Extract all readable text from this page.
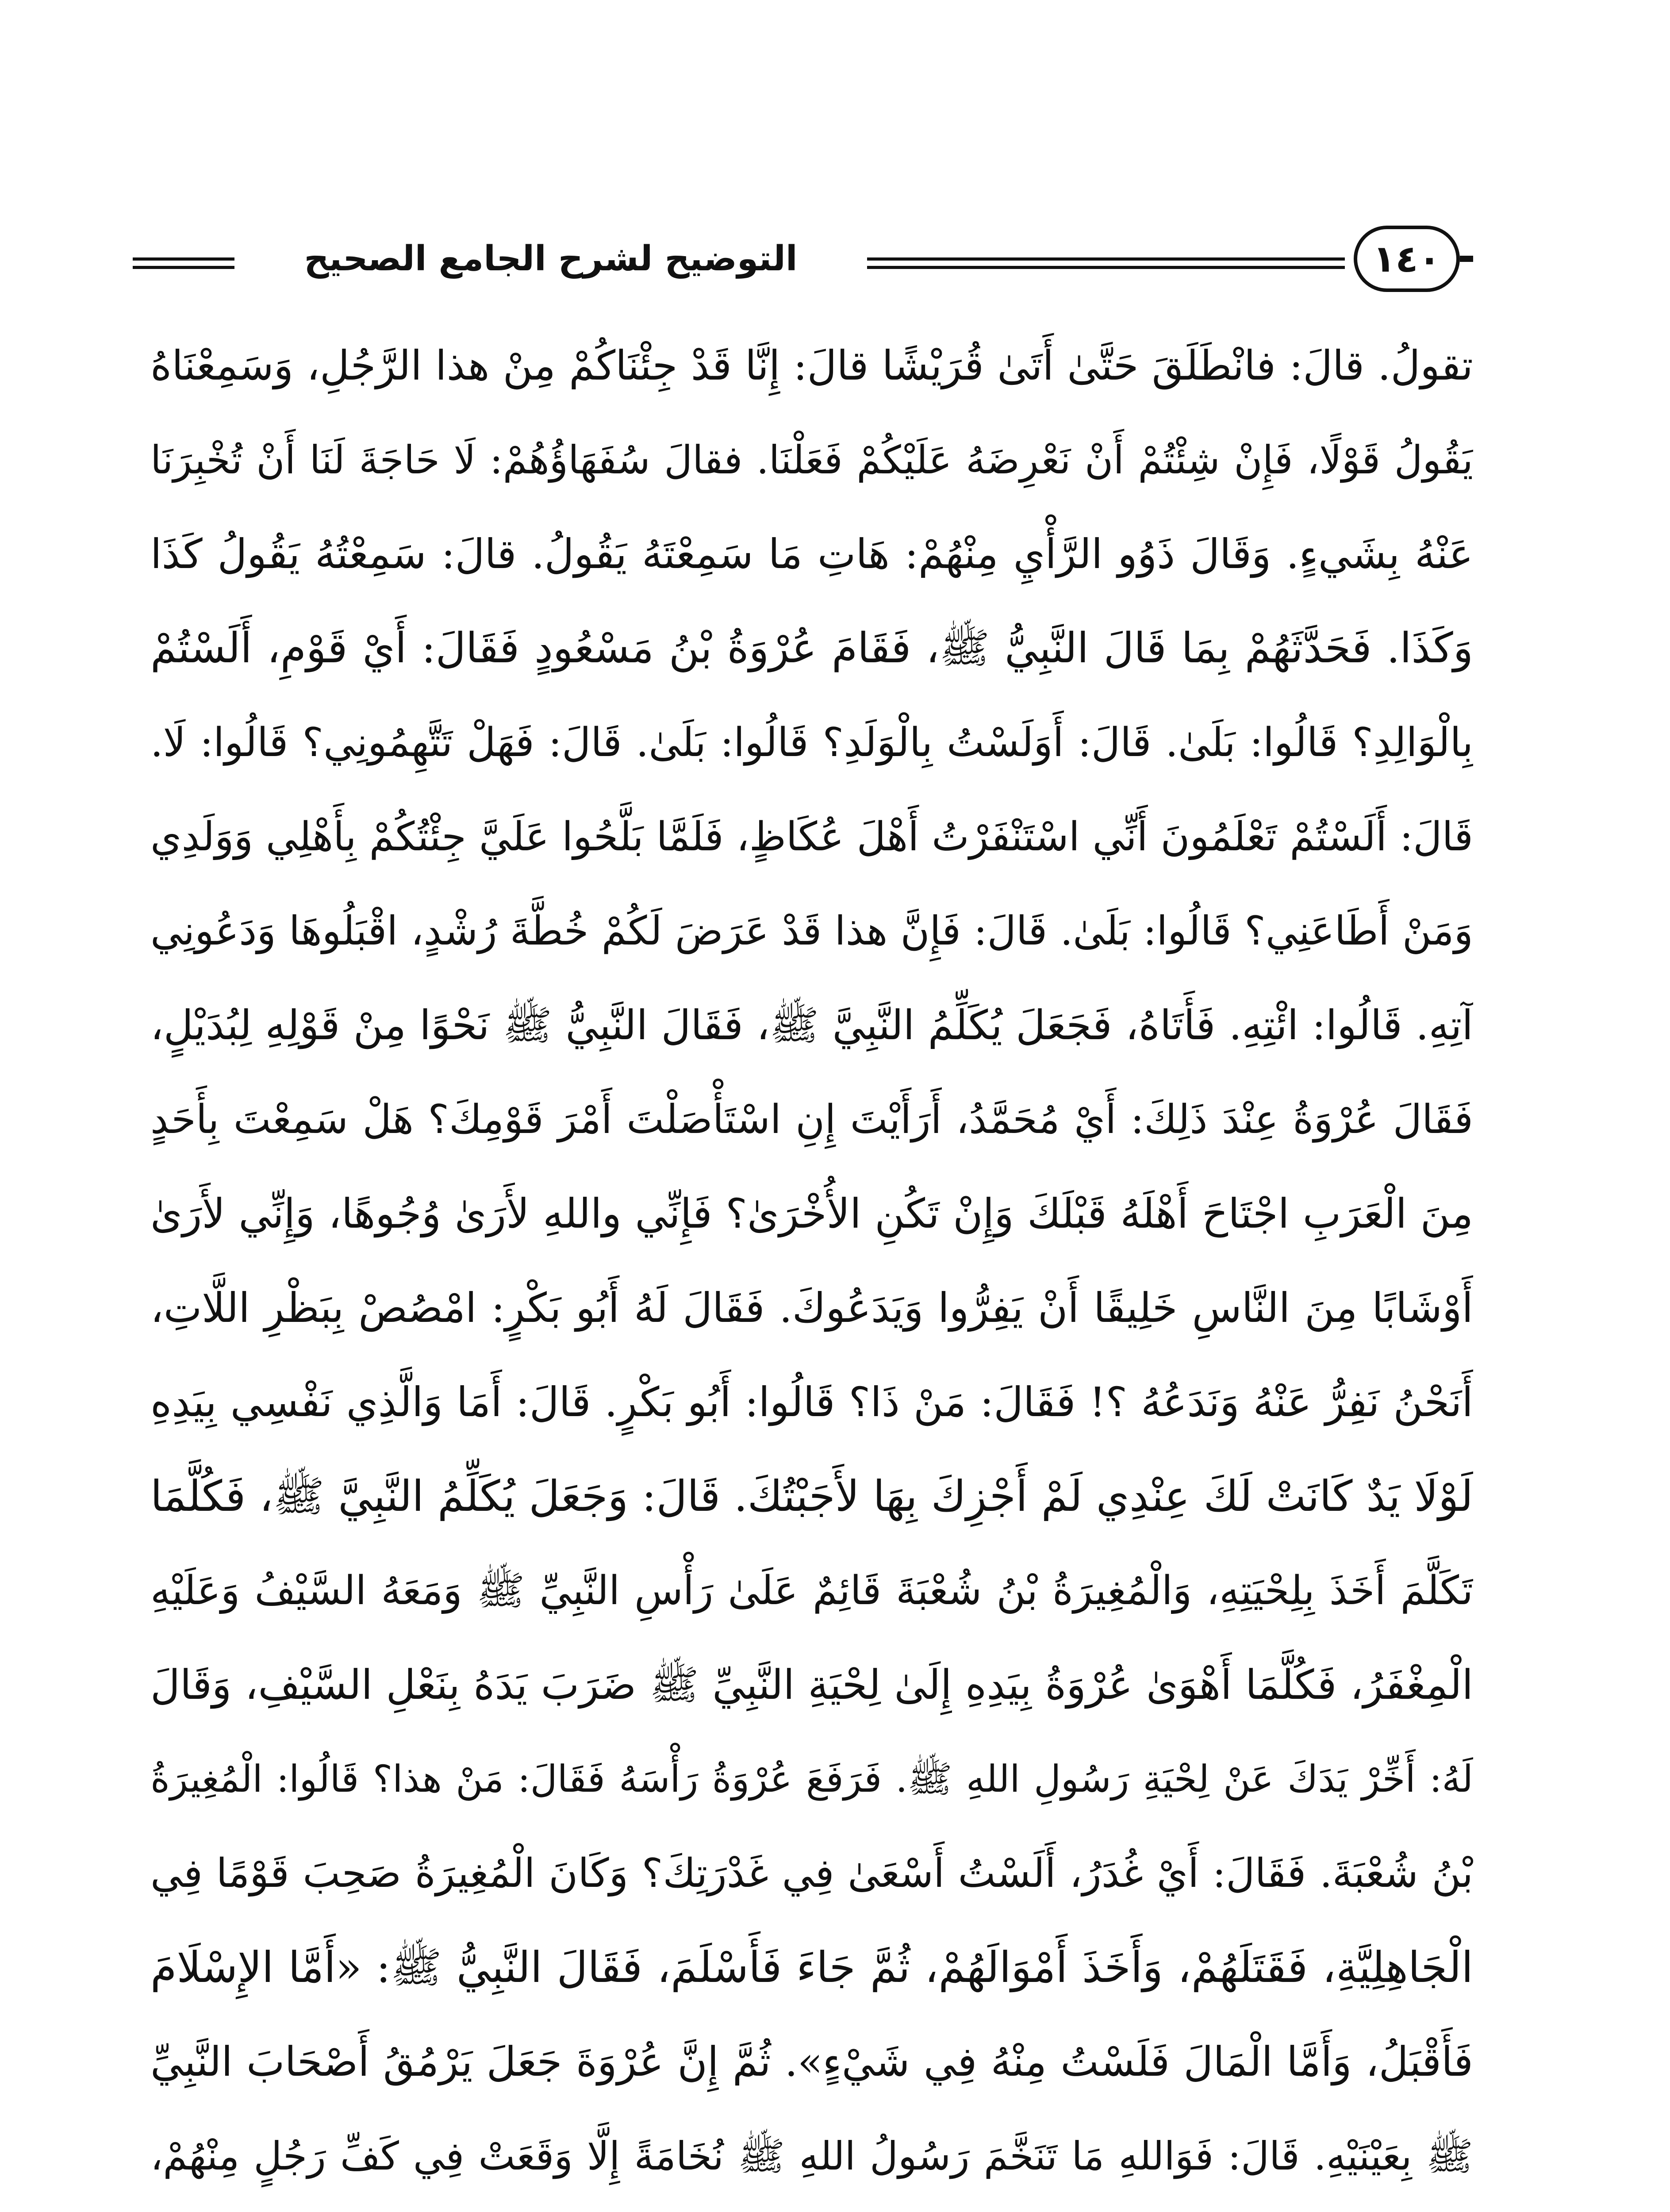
التوضيح لشرح الجامع الصحيح	١٤٠
تقولُ. قالَ: فانْطَلَقَ حَتَّىٰ أَتَىٰ قُرَيْشًا قالَ: إِنَّا قَدْ جِئْنَاكُمْ مِنْ هذا الرَّجُلِ، وَسَمِعْنَاهُ
يَقُولُ قَوْلًا، فَإِنْ شِئْتُمْ أَنْ نَعْرِضَهُ عَلَيْكُمْ فَعَلْنَا. فقالَ سُفَهَاؤُهُمْ: لَا حَاجَةَ لَنَا أَنْ تُخْبِرَنَا
عَنْهُ بِشَيءٍ. وَقَالَ ذَوُو الرَّأْيِ مِنْهُمْ: هَاتِ مَا سَمِعْتَهُ يَقُولُ. قالَ: سَمِعْتُهُ يَقُولُ كَذَا
وَكَذَا. فَحَدَّثَهُمْ بِمَا قَالَ النَّبِيُّ ﷺ، فَقَامَ عُرْوَةُ بْنُ مَسْعُودٍ فَقَالَ: أَيْ قَوْمِ، أَلَسْتُمْ
بِالْوَالِدِ؟ قَالُوا: بَلَىٰ. قَالَ: أَوَلَسْتُ بِالْوَلَدِ؟ قَالُوا: بَلَىٰ. قَالَ: فَهَلْ تَتَّهِمُونِي؟ قَالُوا: لَا.
قَالَ: أَلَسْتُمْ تَعْلَمُونَ أَنِّي اسْتَنْفَرْتُ أَهْلَ عُكَاظٍ، فَلَمَّا بَلَّحُوا عَلَيَّ جِئْتُكُمْ بِأَهْلِي وَوَلَدِي
وَمَنْ أَطَاعَنِي؟ قَالُوا: بَلَىٰ. قَالَ: فَإِنَّ هذا قَدْ عَرَضَ لَكُمْ خُطَّةَ رُشْدٍ، اقْبَلُوهَا وَدَعُونِي
آتِهِ. قَالُوا: ائْتِهِ. فَأَتَاهُ، فَجَعَلَ يُكَلِّمُ النَّبِيَّ ﷺ، فَقَالَ النَّبِيُّ ﷺ نَحْوًا مِنْ قَوْلِهِ لِبُدَيْلٍ،
فَقَالَ عُرْوَةُ عِنْدَ ذَلِكَ: أَيْ مُحَمَّدُ، أَرَأَيْتَ إِنِ اسْتَأْصَلْتَ أَمْرَ قَوْمِكَ؟ هَلْ سَمِعْتَ بِأَحَدٍ
مِنَ الْعَرَبِ اجْتَاحَ أَهْلَهُ قَبْلَكَ وَإِنْ تَكُنِ الأُخْرَىٰ؟ فَإِنِّي واللهِ لأَرَىٰ وُجُوهًا، وَإِنِّي لأَرَىٰ
أَوْشَابًا مِنَ النَّاسِ خَلِيقًا أَنْ يَفِرُّوا وَيَدَعُوكَ. فَقَالَ لَهُ أَبُو بَكْرٍ: امْصُصْ بِبَظْرِ اللَّاتِ،
أَنَحْنُ نَفِرُّ عَنْهُ وَنَدَعُهُ ؟! فَقَالَ: مَنْ ذَا؟ قَالُوا: أَبُو بَكْرٍ. قَالَ: أَمَا وَالَّذِي نَفْسِي بِيَدِهِ
لَوْلَا يَدٌ كَانَتْ لَكَ عِنْدِي لَمْ أَجْزِكَ بِهَا لأَجَبْتُكَ. قَالَ: وَجَعَلَ يُكَلِّمُ النَّبِيَّ ﷺ، فَكُلَّمَا
تَكَلَّمَ أَخَذَ بِلِحْيَتِهِ، وَالْمُغِيرَةُ بْنُ شُعْبَةَ قَائِمٌ عَلَىٰ رَأْسِ النَّبِيِّ ﷺ وَمَعَهُ السَّيْفُ وَعَلَيْهِ
الْمِغْفَرُ، فَكُلَّمَا أَهْوَىٰ عُرْوَةُ بِيَدِهِ إِلَىٰ لِحْيَةِ النَّبِيِّ ﷺ ضَرَبَ يَدَهُ بِنَعْلِ السَّيْفِ، وَقَالَ
لَهُ: أَخِّرْ يَدَكَ عَنْ لِحْيَةِ رَسُولِ اللهِ ﷺ. فَرَفَعَ عُرْوَةُ رَأْسَهُ فَقَالَ: مَنْ هذا؟ قَالُوا: الْمُغِيرَةُ
بْنُ شُعْبَةَ. فَقَالَ: أَيْ غُدَرُ، أَلَسْتُ أَسْعَىٰ فِي غَدْرَتِكَ؟ وَكَانَ الْمُغِيرَةُ صَحِبَ قَوْمًا فِي
الْجَاهِلِيَّةِ، فَقَتَلَهُمْ، وَأَخَذَ أَمْوَالَهُمْ، ثُمَّ جَاءَ فَأَسْلَمَ، فَقَالَ النَّبِيُّ ﷺ: «أَمَّا الإِسْلَامَ
فَأَقْبَلُ، وَأَمَّا الْمَالَ فَلَسْتُ مِنْهُ فِي شَيْءٍ». ثُمَّ إِنَّ عُرْوَةَ جَعَلَ يَرْمُقُ أَصْحَابَ النَّبِيِّ
ﷺ بِعَيْنَيْهِ. قَالَ: فَوَاللهِ مَا تَنَخَّمَ رَسُولُ اللهِ ﷺ نُخَامَةً إِلَّا وَقَعَتْ فِي كَفِّ رَجُلٍ مِنْهُمْ،
